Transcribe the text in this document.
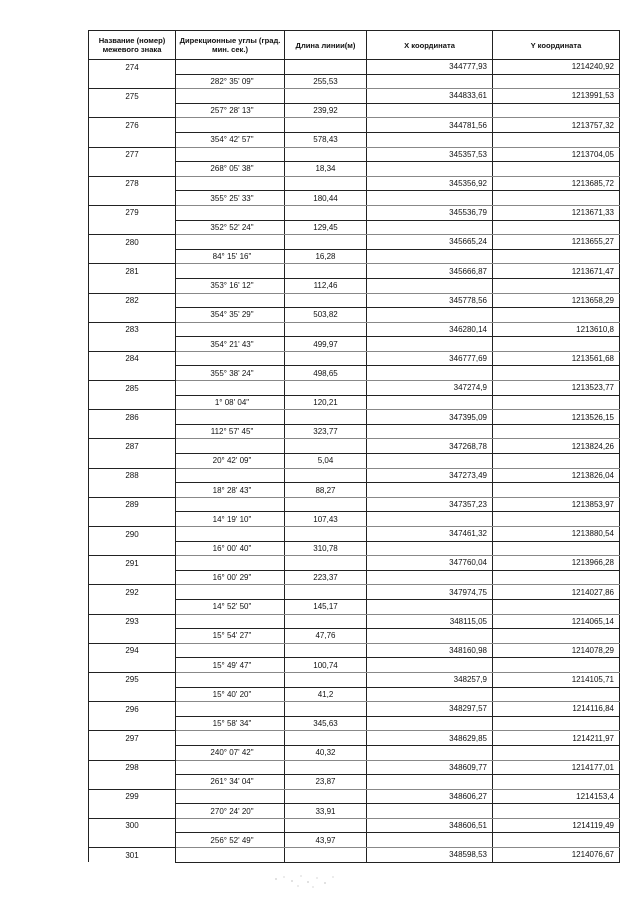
Название (номер) межевого знака	Дирекционные углы (град. мин. сек.)	Длина линии(м)	X координата	Y координата
274			344777,93	1214240,92
	282° 35' 09"	255,53		
275			344833,61	1213991,53
	257° 28' 13"	239,92		
276			344781,56	1213757,32
	354° 42' 57"	578,43		
277			345357,53	1213704,05
	268° 05' 38"	18,34		
278			345356,92	1213685,72
	355° 25' 33"	180,44		
279			345536,79	1213671,33
	352° 52' 24"	129,45		
280			345665,24	1213655,27
	84° 15' 16"	16,28		
281			345666,87	1213671,47
	353° 16' 12"	112,46		
282			345778,56	1213658,29
	354° 35' 29"	503,82		
283			346280,14	1213610,8
	354° 21' 43"	499,97		
284			346777,69	1213561,68
	355° 38' 24"	498,65		
285			347274,9	1213523,77
	1° 08' 04"	120,21		
286			347395,09	1213526,15
	112° 57' 45"	323,77		
287			347268,78	1213824,26
	20° 42' 09"	5,04		
288			347273,49	1213826,04
	18° 28' 43"	88,27		
289			347357,23	1213853,97
	14° 19' 10"	107,43		
290			347461,32	1213880,54
	16° 00' 40"	310,78		
291			347760,04	1213966,28
	16° 00' 29"	223,37		
292			347974,75	1214027,86
	14° 52' 50"	145,17		
293			348115,05	1214065,14
	15° 54' 27"	47,76		
294			348160,98	1214078,29
	15° 49' 47"	100,74		
295			348257,9	1214105,71
	15° 40' 20"	41,2		
296			348297,57	1214116,84
	15° 58' 34"	345,63		
297			348629,85	1214211,97
	240° 07' 42"	40,32		
298			348609,77	1214177,01
	261° 34' 04"	23,87		
299			348606,27	1214153,4
	270° 24' 20"	33,91		
300			348606,51	1214119,49
	256° 52' 49"	43,97		
301			348598,53	1214076,67
